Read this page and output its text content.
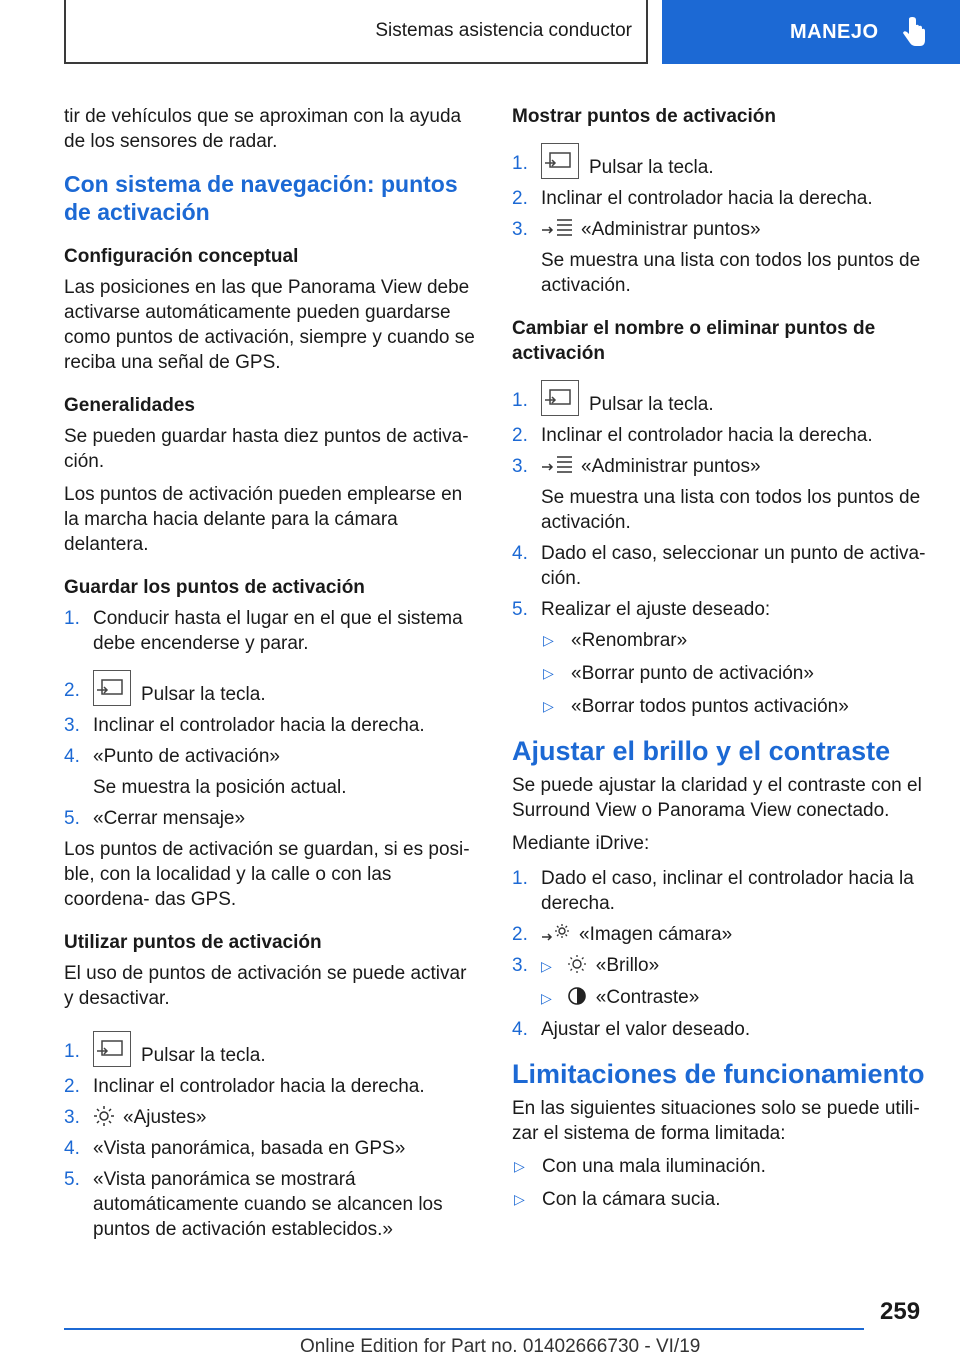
Sistemas asistencia conductor	MANEJO

tir de vehículos que se aproximan con la ayuda de los sensores de radar.

Con sistema de navegación: puntos de activación
Configuración conceptual

Las posiciones en las que Panorama View debe activarse automáticamente pueden guardarse como puntos de activación, siempre y cuando se reciba una señal de GPS.

Generalidades

Se pueden guardar hasta diez puntos de activa‐ ción.

Los puntos de activación pueden emplearse en la marcha hacia delante para la cámara delantera.

Guardar los puntos de activación
1. Conducir hasta el lugar en el que el sistema debe encenderse y parar.
2.	Pulsar la tecla.
3. Inclinar el controlador hacia la derecha.
4. «Punto de activación»
Se muestra la posición actual.
5. «Cerrar mensaje»

Los puntos de activación se guardan, si es posi‐ ble, con la localidad y la calle o con las coordena‐ das GPS.

Utilizar puntos de activación

El uso de puntos de activación se puede activar y desactivar.

1.	Pulsar la tecla.
2. Inclinar el controlador hacia la derecha.
3.	«Ajustes»
4. «Vista panorámica, basada en GPS»
5. «Vista panorámica se mostrará automáticamente cuando se alcancen los puntos de activación establecidos.»
Mostrar puntos de activación
1.	Pulsar la tecla.
2. Inclinar el controlador hacia la derecha.
3.	«Administrar puntos»
Se muestra una lista con todos los puntos de activación.
Cambiar el nombre o eliminar puntos de activación
1.	Pulsar la tecla.
2. Inclinar el controlador hacia la derecha.
3.	«Administrar puntos»
Se muestra una lista con todos los puntos de activación.
4. Dado el caso, seleccionar un punto de activa‐ ción.
5. Realizar el ajuste deseado:
▷ «Renombrar»
▷ «Borrar punto de activación»
▷ «Borrar todos puntos activación»
Ajustar el brillo y el contraste

Se puede ajustar la claridad y el contraste con el Surround View o Panorama View conectado.

Mediante iDrive:

1. Dado el caso, inclinar el controlador hacia la derecha.
2.	«Imagen cámara»
3. ▷ «Brillo»
▷ «Contraste»
4. Ajustar el valor deseado.
Limitaciones de funcionamiento

En las siguientes situaciones solo se puede utili‐ zar el sistema de forma limitada:

▷ Con una mala iluminación.
▷ Con la cámara sucia.
259
Online Edition for Part no. 01402666730 - VI/19
